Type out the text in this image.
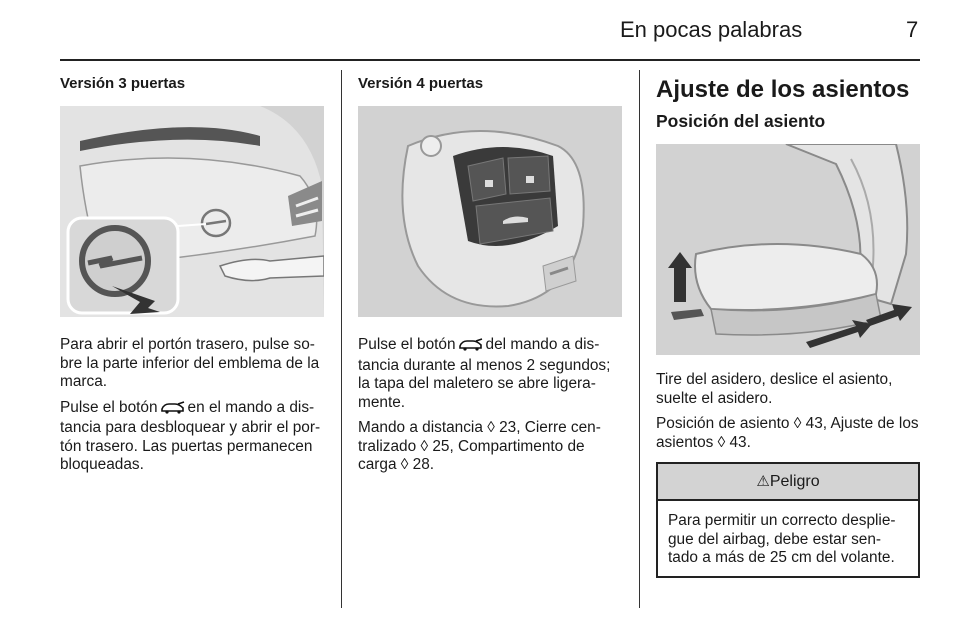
En pocas palabras	7
Versión 3 puertas

Para abrir el portón trasero, pulse so-bre la parte inferior del emblema de la marca.

Pulse el botón en el mando a dis-tancia para desbloquear y abrir el por-tón trasero. Las puertas permanecen bloqueadas.

Versión 4 puertas

Pulse el botón del mando a dis-tancia durante al menos 2 segundos; la tapa del maletero se abre ligera-mente.

Mando a distancia ◊ 23, Cierre cen-tralizado ◊ 25, Compartimento de carga ◊ 28.

Ajuste de los asientos
Posición del asiento

Tire del asidero, deslice el asiento, suelte el asidero.

Posición de asiento ◊ 43, Ajuste de los asientos ◊ 43.

⚠Peligro

Para permitir un correcto desplie-gue del airbag, debe estar sen-tado a más de 25 cm del volante.
